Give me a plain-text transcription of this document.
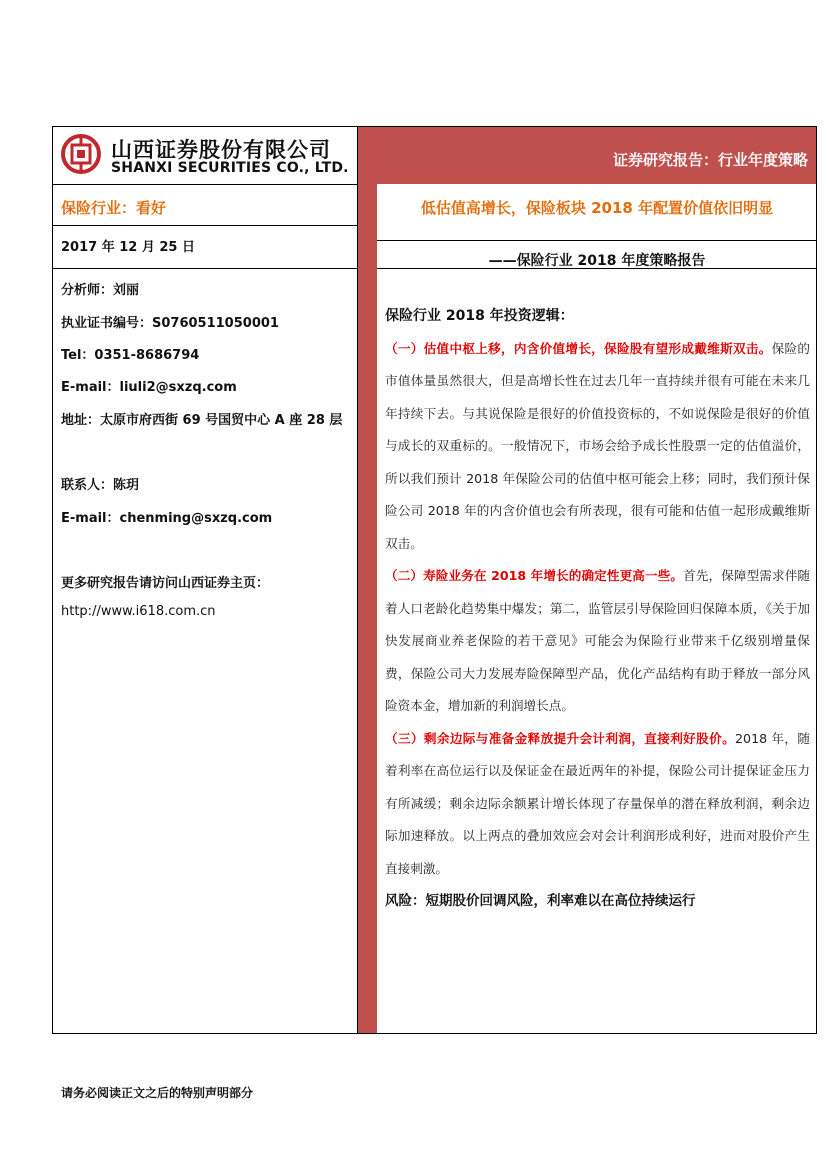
山西证券股份有限公司
SHANXI SECURITIES CO., LTD.	证券研究报告：行业年度策略
保险行业：看好
2017 年 12 月 25 日
分析师：刘丽
执业证书编号：S0760511050001
Tel：0351-8686794
E-mail：liuli2@sxzq.com
地址：太原市府西街 69 号国贸中心 A 座 28 层
联系人：陈玥
E-mail：chenming@sxzq.com
更多研究报告请访问山西证券主页：
http://www.i618.com.cn
低估值高增长，保险板块 2018 年配置价值依旧明显
——保险行业 2018 年度策略报告

保险行业 2018 年投资逻辑：

（一）估值中枢上移，内含价值增长，保险股有望形成戴维斯双击。保险的市值体量虽然很大，但是高增长性在过去几年一直持续并很有可能在未来几年持续下去。与其说保险是很好的价值投资标的，不如说保险是很好的价值与成长的双重标的。一般情况下，市场会给予成长性股票一定的估值溢价，所以我们预计 2018 年保险公司的估值中枢可能会上移；同时，我们预计保险公司 2018 年的内含价值也会有所表现，很有可能和估值一起形成戴维斯双击。

（二）寿险业务在 2018 年增长的确定性更高一些。首先，保障型需求伴随着人口老龄化趋势集中爆发；第二，监管层引导保险回归保障本质，《关于加快发展商业养老保险的若干意见》可能会为保险行业带来千亿级别增量保费，保险公司大力发展寿险保障型产品，优化产品结构有助于释放一部分风险资本金，增加新的利润增长点。

（三）剩余边际与准备金释放提升会计利润，直接利好股价。2018 年，随着利率在高位运行以及保证金在最近两年的补提，保险公司计提保证金压力有所减缓；剩余边际余额累计增长体现了存量保单的潜在释放利润，剩余边际加速释放。以上两点的叠加效应会对会计利润形成利好，进而对股价产生直接刺激。

风险：短期股价回调风险，利率难以在高位持续运行

请务必阅读正文之后的特别声明部分
